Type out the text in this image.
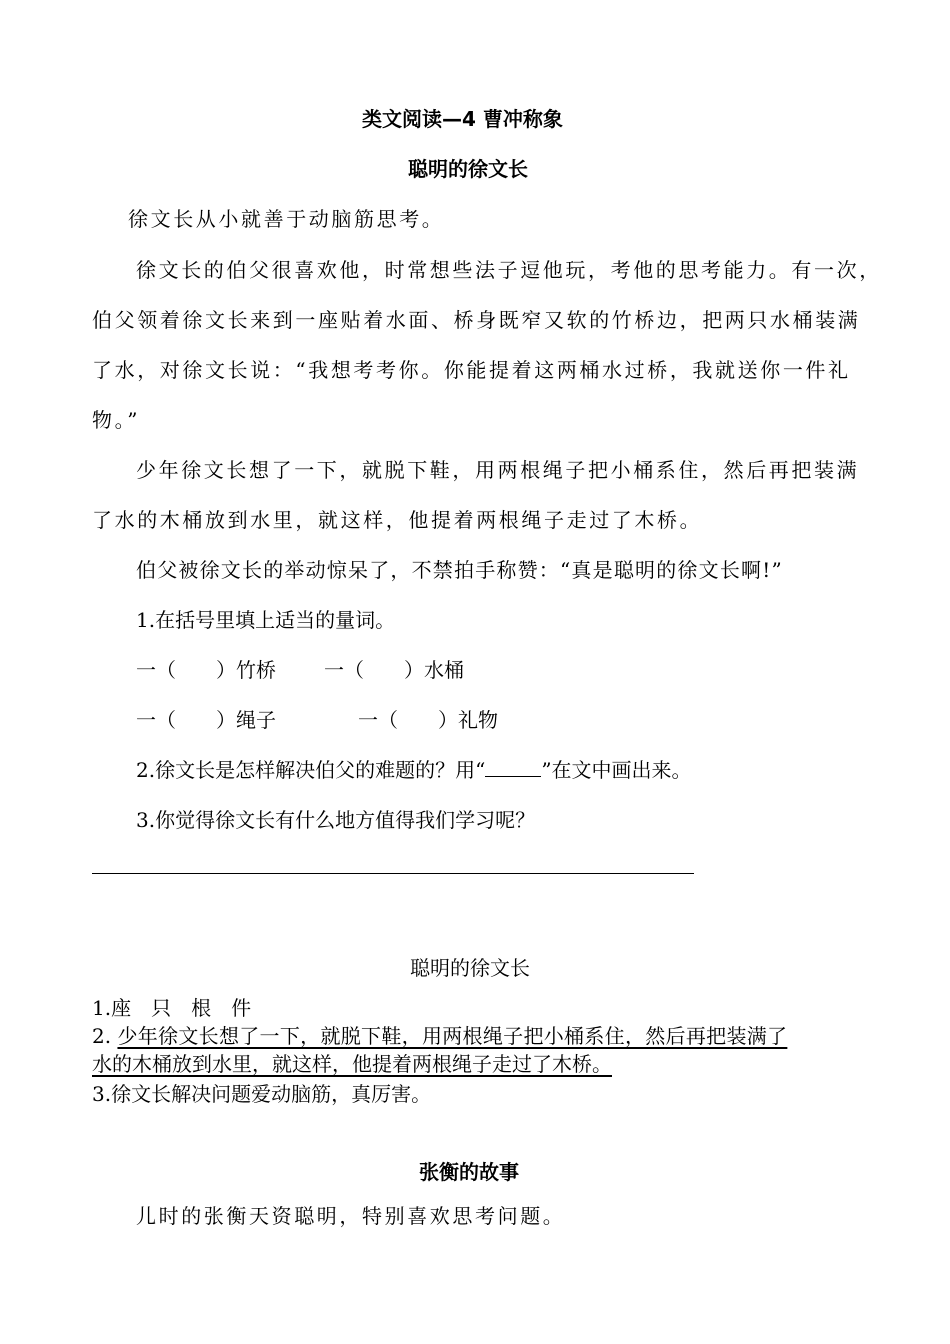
类文阅读—4 曹冲称象
聪明的徐文长
徐文长从小就善于动脑筋思考。
徐文长的伯父很喜欢他，时常想些法子逗他玩，考他的思考能力。有一次，
伯父领着徐文长来到一座贴着水面、桥身既窄又软的竹桥边，把两只水桶装满
了水，对徐文长说：“我想考考你。你能提着这两桶水过桥，我就送你一件礼
物。”
少年徐文长想了一下，就脱下鞋，用两根绳子把小桶系住，然后再把装满
了水的木桶放到水里，就这样，他提着两根绳子走过了木桥。
伯父被徐文长的举动惊呆了，不禁拍手称赞：“真是聪明的徐文长啊!”
1.在括号里填上适当的量词。
一（　　）竹桥 一（　　）水桶
一（　　）绳子	一（　　）礼物
2.徐文长是怎样解决伯父的难题的？用“	”在文中画出来。
3.你觉得徐文长有什么地方值得我们学习呢？
聪明的徐文长
1.座　只　根　件
2. 少年徐文长想了一下，就脱下鞋，用两根绳子把小桶系住，然后再把装满了
水的木桶放到水里，就这样，他提着两根绳子走过了木桥。
3.徐文长解决问题爱动脑筋，真厉害。
张衡的故事
儿时的张衡天资聪明，特别喜欢思考问题。
